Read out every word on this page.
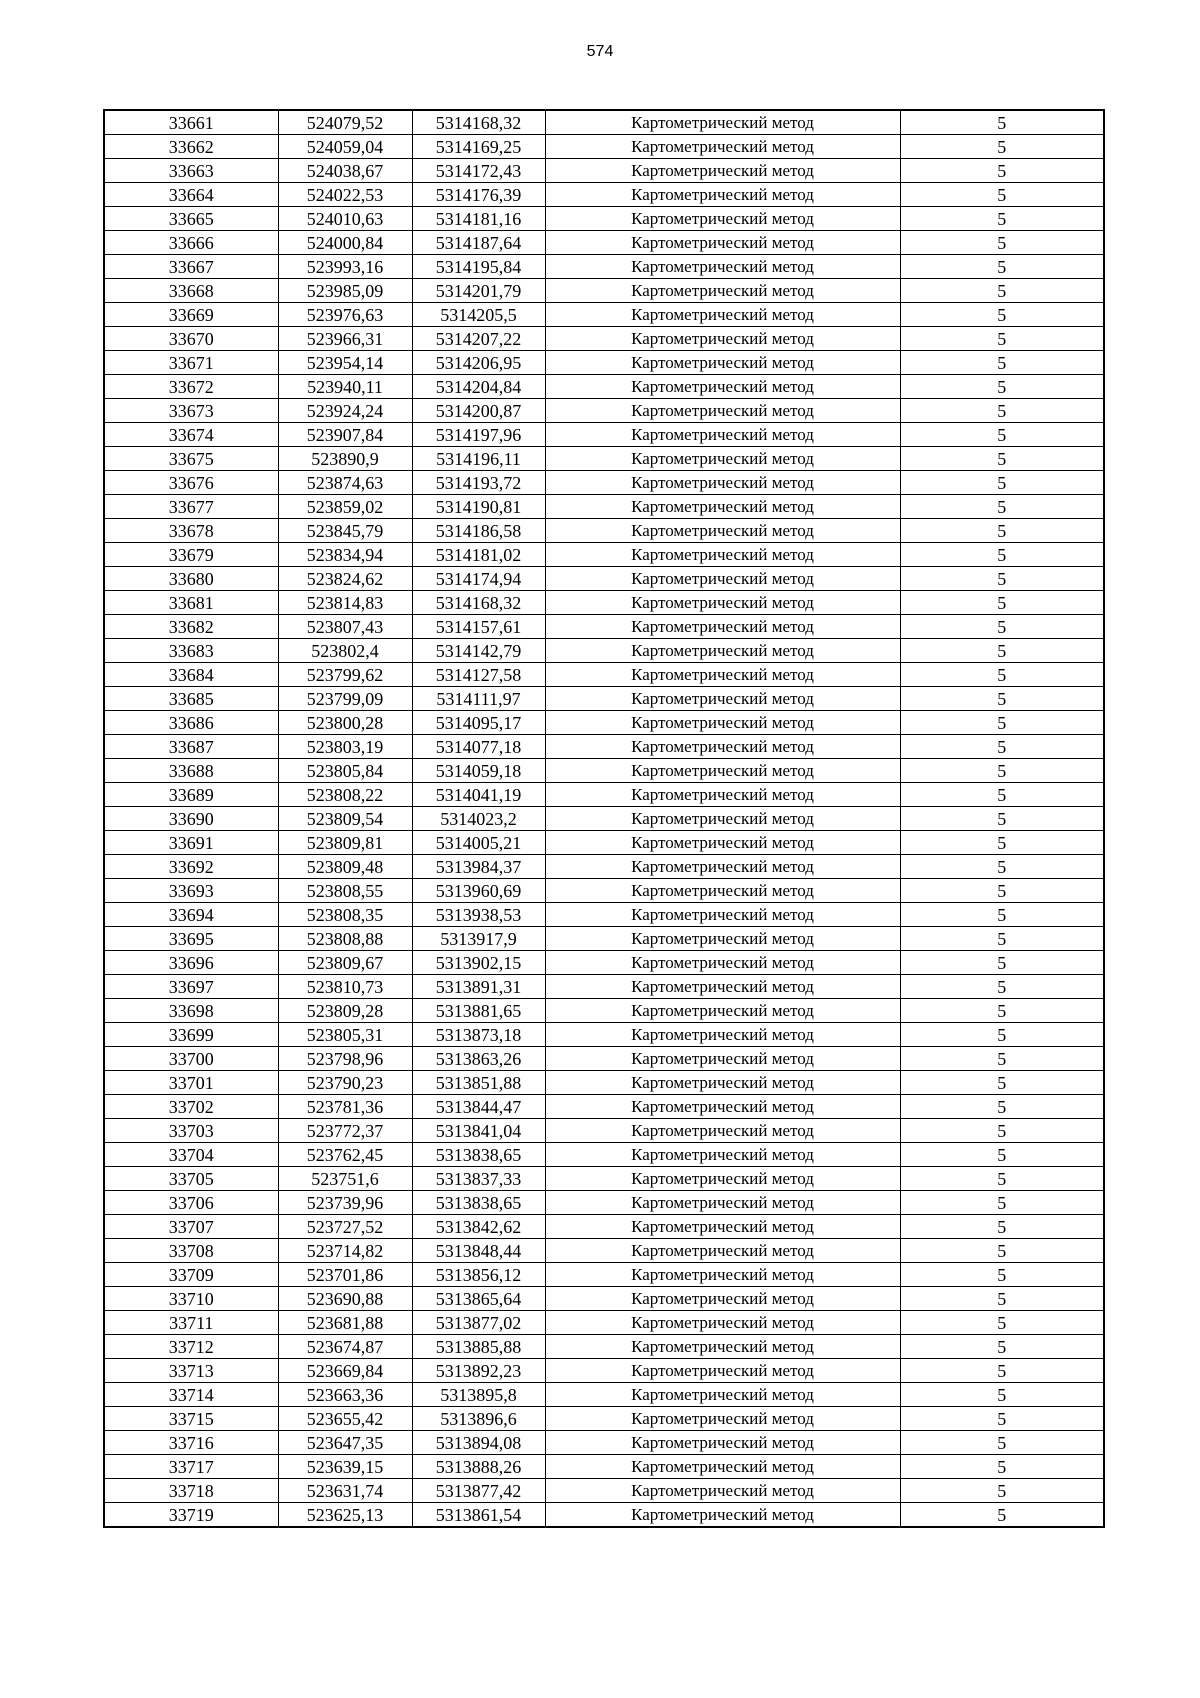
574
33661	524079,52	5314168,32	Картометрический метод	5
33662	524059,04	5314169,25	Картометрический метод	5
33663	524038,67	5314172,43	Картометрический метод	5
33664	524022,53	5314176,39	Картометрический метод	5
33665	524010,63	5314181,16	Картометрический метод	5
33666	524000,84	5314187,64	Картометрический метод	5
33667	523993,16	5314195,84	Картометрический метод	5
33668	523985,09	5314201,79	Картометрический метод	5
33669	523976,63	5314205,5	Картометрический метод	5
33670	523966,31	5314207,22	Картометрический метод	5
33671	523954,14	5314206,95	Картометрический метод	5
33672	523940,11	5314204,84	Картометрический метод	5
33673	523924,24	5314200,87	Картометрический метод	5
33674	523907,84	5314197,96	Картометрический метод	5
33675	523890,9	5314196,11	Картометрический метод	5
33676	523874,63	5314193,72	Картометрический метод	5
33677	523859,02	5314190,81	Картометрический метод	5
33678	523845,79	5314186,58	Картометрический метод	5
33679	523834,94	5314181,02	Картометрический метод	5
33680	523824,62	5314174,94	Картометрический метод	5
33681	523814,83	5314168,32	Картометрический метод	5
33682	523807,43	5314157,61	Картометрический метод	5
33683	523802,4	5314142,79	Картометрический метод	5
33684	523799,62	5314127,58	Картометрический метод	5
33685	523799,09	5314111,97	Картометрический метод	5
33686	523800,28	5314095,17	Картометрический метод	5
33687	523803,19	5314077,18	Картометрический метод	5
33688	523805,84	5314059,18	Картометрический метод	5
33689	523808,22	5314041,19	Картометрический метод	5
33690	523809,54	5314023,2	Картометрический метод	5
33691	523809,81	5314005,21	Картометрический метод	5
33692	523809,48	5313984,37	Картометрический метод	5
33693	523808,55	5313960,69	Картометрический метод	5
33694	523808,35	5313938,53	Картометрический метод	5
33695	523808,88	5313917,9	Картометрический метод	5
33696	523809,67	5313902,15	Картометрический метод	5
33697	523810,73	5313891,31	Картометрический метод	5
33698	523809,28	5313881,65	Картометрический метод	5
33699	523805,31	5313873,18	Картометрический метод	5
33700	523798,96	5313863,26	Картометрический метод	5
33701	523790,23	5313851,88	Картометрический метод	5
33702	523781,36	5313844,47	Картометрический метод	5
33703	523772,37	5313841,04	Картометрический метод	5
33704	523762,45	5313838,65	Картометрический метод	5
33705	523751,6	5313837,33	Картометрический метод	5
33706	523739,96	5313838,65	Картометрический метод	5
33707	523727,52	5313842,62	Картометрический метод	5
33708	523714,82	5313848,44	Картометрический метод	5
33709	523701,86	5313856,12	Картометрический метод	5
33710	523690,88	5313865,64	Картометрический метод	5
33711	523681,88	5313877,02	Картометрический метод	5
33712	523674,87	5313885,88	Картометрический метод	5
33713	523669,84	5313892,23	Картометрический метод	5
33714	523663,36	5313895,8	Картометрический метод	5
33715	523655,42	5313896,6	Картометрический метод	5
33716	523647,35	5313894,08	Картометрический метод	5
33717	523639,15	5313888,26	Картометрический метод	5
33718	523631,74	5313877,42	Картометрический метод	5
33719	523625,13	5313861,54	Картометрический метод	5
